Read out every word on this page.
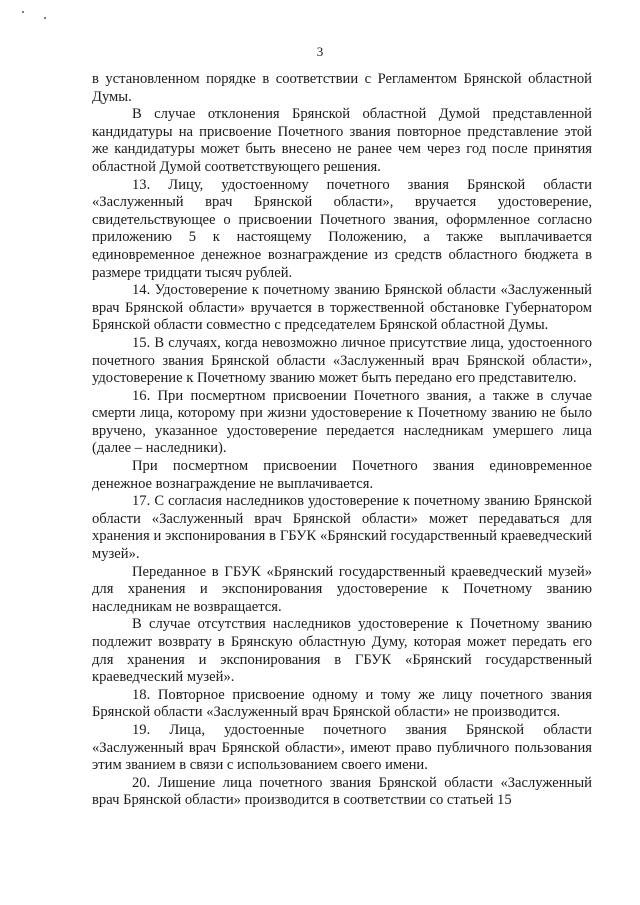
3

в установленном порядке в соответствии с Регламентом Брянской областной Думы.

В случае отклонения Брянской областной Думой представленной кандидатуры на присвоение Почетного звания повторное представление этой же кандидатуры может быть внесено не ранее чем через год после принятия областной Думой соответствующего решения.

13. Лицу, удостоенному почетного звания Брянской области «Заслуженный врач Брянской области», вручается удостоверение, свидетельствующее о присвоении Почетного звания, оформленное согласно приложению 5 к настоящему Положению, а также выплачивается единовременное денежное вознаграждение из средств областного бюджета в размере тридцати тысяч рублей.

14. Удостоверение к почетному званию Брянской области «Заслуженный врач Брянской области» вручается в торжественной обстановке Губернатором Брянской области совместно с председателем Брянской областной Думы.

15. В случаях, когда невозможно личное присутствие лица, удостоенного почетного звания Брянской области «Заслуженный врач Брянской области», удостоверение к Почетному званию может быть передано его представителю.

16. При посмертном присвоении Почетного звания, а также в случае смерти лица, которому при жизни удостоверение к Почетному званию не было вручено, указанное удостоверение передается наследникам умершего лица (далее – наследники).

При посмертном присвоении Почетного звания единовременное денежное вознаграждение не выплачивается.

17. С согласия наследников удостоверение к почетному званию Брянской области «Заслуженный врач Брянской области» может передаваться для хранения и экспонирования в ГБУК «Брянский государственный краеведческий музей».

Переданное в ГБУК «Брянский государственный краеведческий музей» для хранения и экспонирования удостоверение к Почетному званию наследникам не возвращается.

В случае отсутствия наследников удостоверение к Почетному званию подлежит возврату в Брянскую областную Думу, которая может передать его для хранения и экспонирования в ГБУК «Брянский государственный краеведческий музей».

18. Повторное присвоение одному и тому же лицу почетного звания Брянской области «Заслуженный врач Брянской области» не производится.

19. Лица, удостоенные почетного звания Брянской области «Заслуженный врач Брянской области», имеют право публичного пользования этим званием в связи с использованием своего имени.

20. Лишение лица почетного звания Брянской области «Заслуженный врач Брянской области» производится в соответствии со статьей 15
